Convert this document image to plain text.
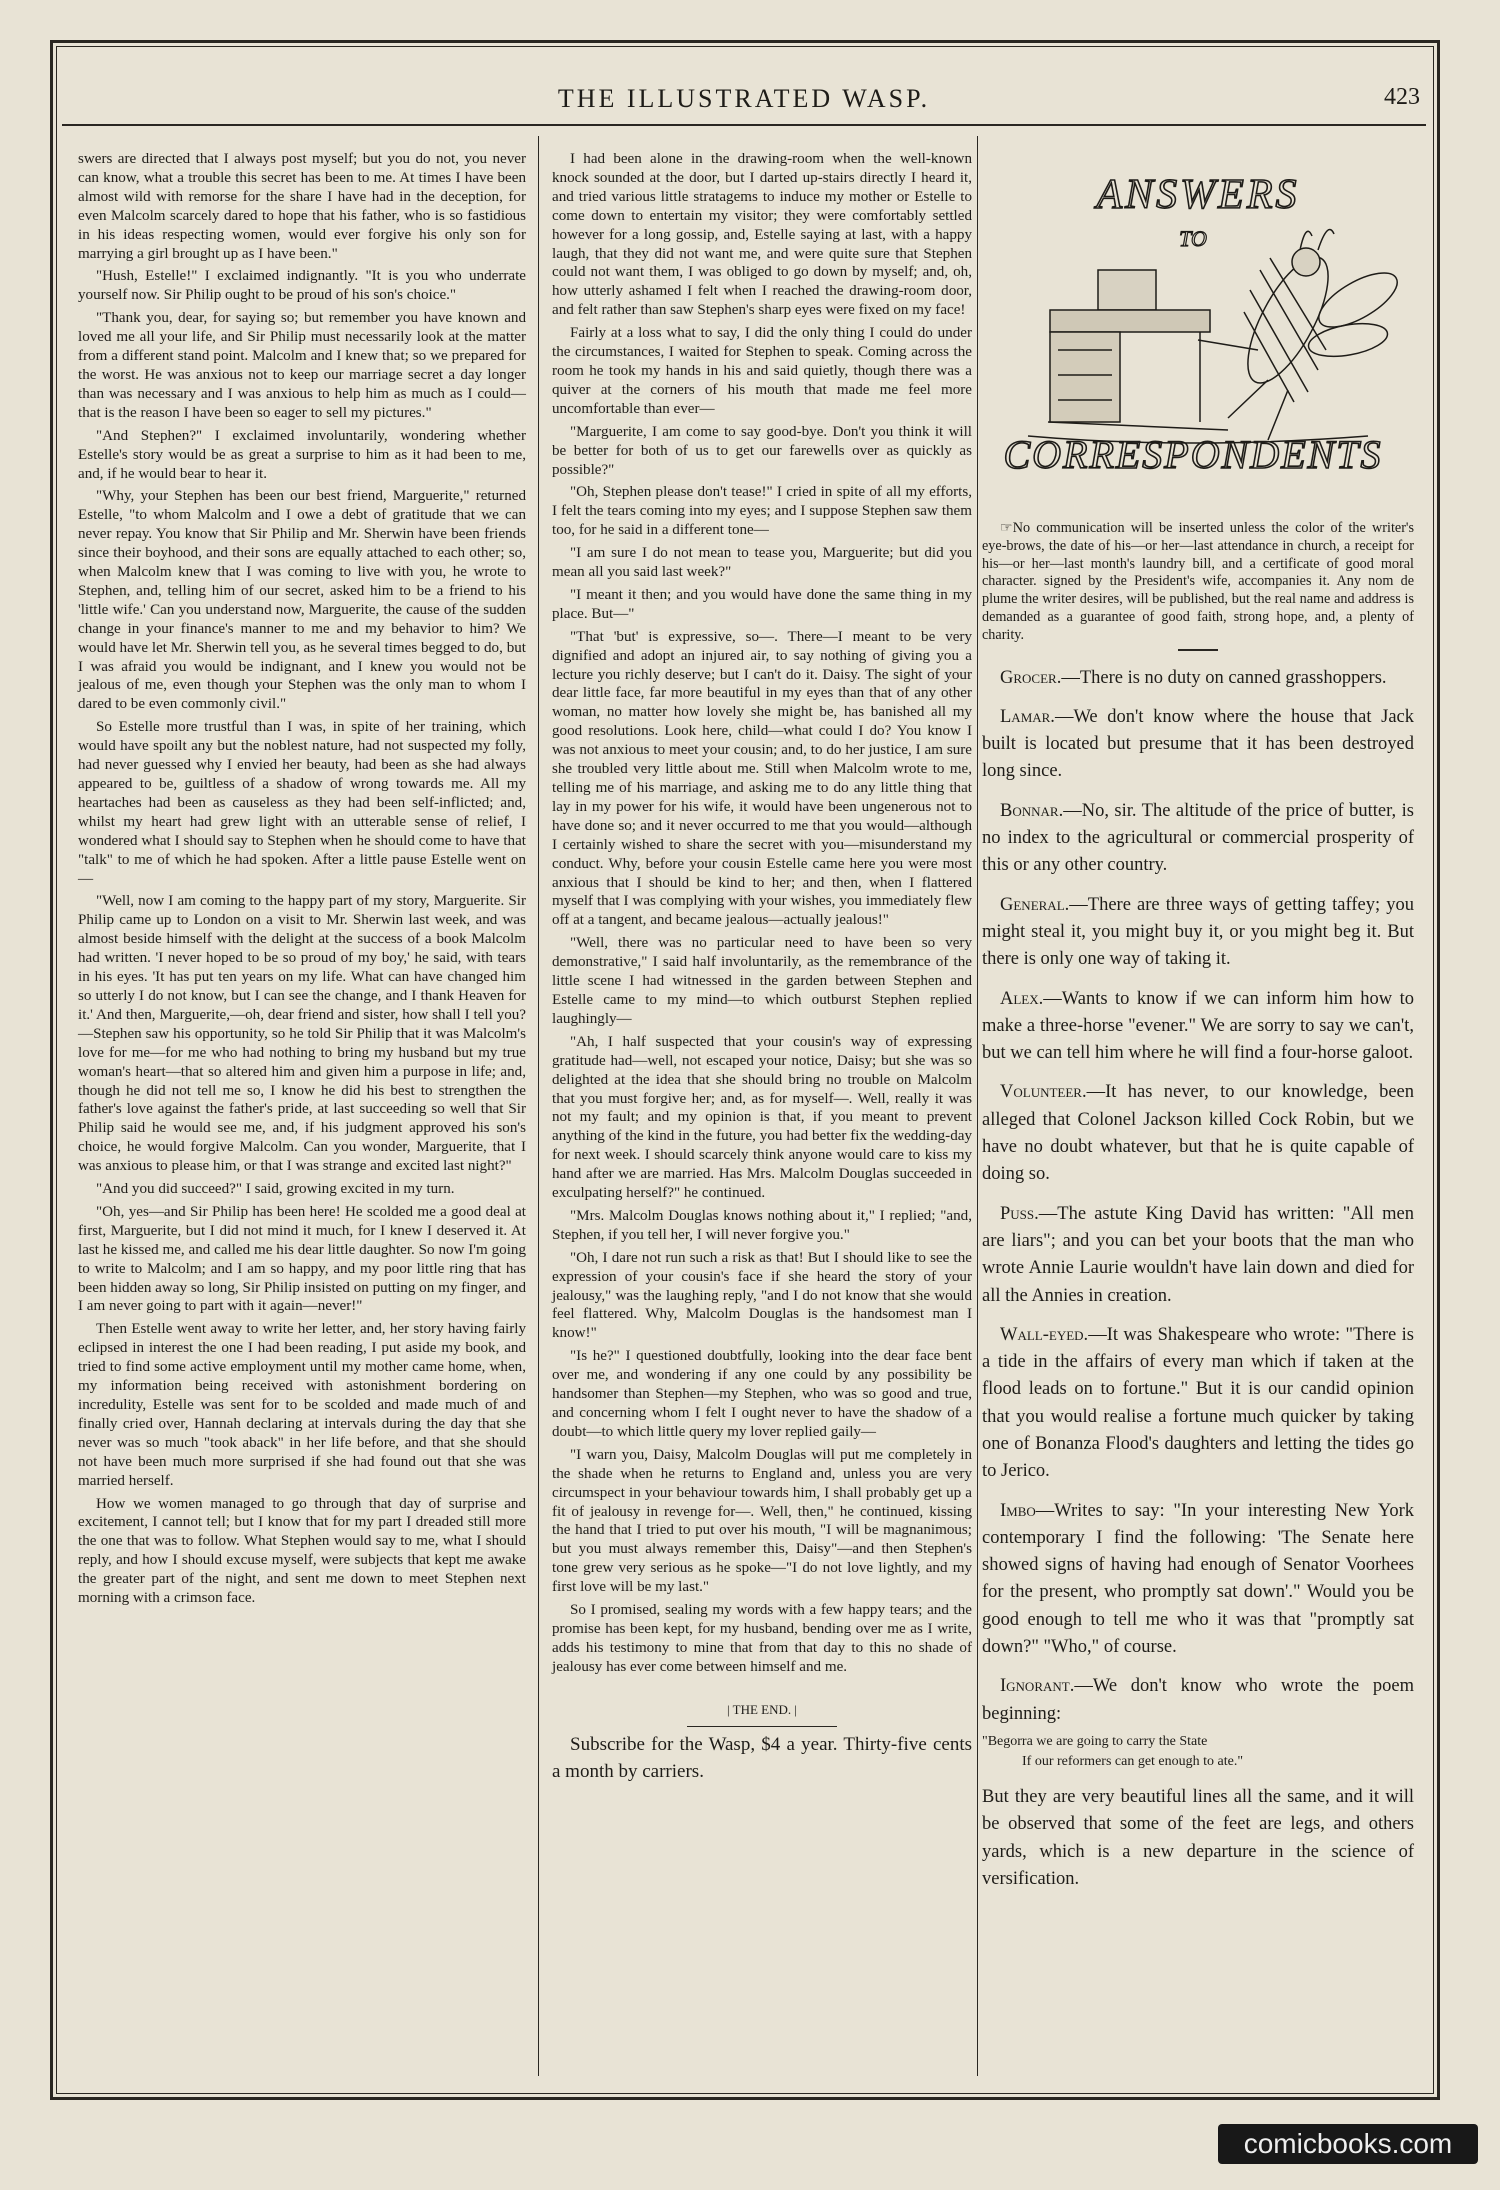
THE ILLUSTRATED WASP.	423

swers are directed that I always post myself; but you do not, you never can know, what a trouble this secret has been to me. At times I have been almost wild with remorse for the share I have had in the deception, for even Malcolm scarcely dared to hope that his father, who is so fastidious in his ideas respecting women, would ever forgive his only son for marrying a girl brought up as I have been."

"Hush, Estelle!" I exclaimed indignantly. "It is you who underrate yourself now. Sir Philip ought to be proud of his son's choice."

"Thank you, dear, for saying so; but remember you have known and loved me all your life, and Sir Philip must necessarily look at the matter from a different stand point. Malcolm and I knew that; so we prepared for the worst. He was anxious not to keep our marriage secret a day longer than was necessary and I was anxious to help him as much as I could—that is the reason I have been so eager to sell my pictures."

"And Stephen?" I exclaimed involuntarily, wondering whether Estelle's story would be as great a surprise to him as it had been to me, and, if he would bear to hear it.

"Why, your Stephen has been our best friend, Marguerite," returned Estelle, "to whom Malcolm and I owe a debt of gratitude that we can never repay. You know that Sir Philip and Mr. Sherwin have been friends since their boyhood, and their sons are equally attached to each other; so, when Malcolm knew that I was coming to live with you, he wrote to Stephen, and, telling him of our secret, asked him to be a friend to his 'little wife.' Can you understand now, Marguerite, the cause of the sudden change in your finance's manner to me and my behavior to him? We would have let Mr. Sherwin tell you, as he several times begged to do, but I was afraid you would be indignant, and I knew you would not be jealous of me, even though your Stephen was the only man to whom I dared to be even commonly civil."

So Estelle more trustful than I was, in spite of her training, which would have spoilt any but the noblest nature, had not suspected my folly, had never guessed why I envied her beauty, had been as she had always appeared to be, guiltless of a shadow of wrong towards me. All my heartaches had been as causeless as they had been self-inflicted; and, whilst my heart had grew light with an utterable sense of relief, I wondered what I should say to Stephen when he should come to have that "talk" to me of which he had spoken. After a little pause Estelle went on—

"Well, now I am coming to the happy part of my story, Marguerite. Sir Philip came up to London on a visit to Mr. Sherwin last week, and was almost beside himself with the delight at the success of a book Malcolm had written. 'I never hoped to be so proud of my boy,' he said, with tears in his eyes. 'It has put ten years on my life. What can have changed him so utterly I do not know, but I can see the change, and I thank Heaven for it.' And then, Marguerite,—oh, dear friend and sister, how shall I tell you?—Stephen saw his opportunity, so he told Sir Philip that it was Malcolm's love for me—for me who had nothing to bring my husband but my true woman's heart—that so altered him and given him a purpose in life; and, though he did not tell me so, I know he did his best to strengthen the father's love against the father's pride, at last succeeding so well that Sir Philip said he would see me, and, if his judgment approved his son's choice, he would forgive Malcolm. Can you wonder, Marguerite, that I was anxious to please him, or that I was strange and excited last night?"

"And you did succeed?" I said, growing excited in my turn.

"Oh, yes—and Sir Philip has been here! He scolded me a good deal at first, Marguerite, but I did not mind it much, for I knew I deserved it. At last he kissed me, and called me his dear little daughter. So now I'm going to write to Malcolm; and I am so happy, and my poor little ring that has been hidden away so long, Sir Philip insisted on putting on my finger, and I am never going to part with it again—never!"

Then Estelle went away to write her letter, and, her story having fairly eclipsed in interest the one I had been reading, I put aside my book, and tried to find some active employment until my mother came home, when, my information being received with astonishment bordering on incredulity, Estelle was sent for to be scolded and made much of and finally cried over, Hannah declaring at intervals during the day that she never was so much "took aback" in her life before, and that she should not have been much more surprised if she had found out that she was married herself.

How we women managed to go through that day of surprise and excitement, I cannot tell; but I know that for my part I dreaded still more the one that was to follow. What Stephen would say to me, what I should reply, and how I should excuse myself, were subjects that kept me awake the greater part of the night, and sent me down to meet Stephen next morning with a crimson face.

I had been alone in the drawing-room when the well-known knock sounded at the door, but I darted up-stairs directly I heard it, and tried various little stratagems to induce my mother or Estelle to come down to entertain my visitor; they were comfortably settled however for a long gossip, and, Estelle saying at last, with a happy laugh, that they did not want me, and were quite sure that Stephen could not want them, I was obliged to go down by myself; and, oh, how utterly ashamed I felt when I reached the drawing-room door, and felt rather than saw Stephen's sharp eyes were fixed on my face!

Fairly at a loss what to say, I did the only thing I could do under the circumstances, I waited for Stephen to speak. Coming across the room he took my hands in his and said quietly, though there was a quiver at the corners of his mouth that made me feel more uncomfortable than ever—

"Marguerite, I am come to say good-bye. Don't you think it will be better for both of us to get our farewells over as quickly as possible?"

"Oh, Stephen please don't tease!" I cried in spite of all my efforts, I felt the tears coming into my eyes; and I suppose Stephen saw them too, for he said in a different tone—

"I am sure I do not mean to tease you, Marguerite; but did you mean all you said last week?"

"I meant it then; and you would have done the same thing in my place. But—"

"That 'but' is expressive, so—. There—I meant to be very dignified and adopt an injured air, to say nothing of giving you a lecture you richly deserve; but I can't do it. Daisy. The sight of your dear little face, far more beautiful in my eyes than that of any other woman, no matter how lovely she might be, has banished all my good resolutions. Look here, child—what could I do? You know I was not anxious to meet your cousin; and, to do her justice, I am sure she troubled very little about me. Still when Malcolm wrote to me, telling me of his marriage, and asking me to do any little thing that lay in my power for his wife, it would have been ungenerous not to have done so; and it never occurred to me that you would—although I certainly wished to share the secret with you—misunderstand my conduct. Why, before your cousin Estelle came here you were most anxious that I should be kind to her; and then, when I flattered myself that I was complying with your wishes, you immediately flew off at a tangent, and became jealous—actually jealous!"

"Well, there was no particular need to have been so very demonstrative," I said half involuntarily, as the remembrance of the little scene I had witnessed in the garden between Stephen and Estelle came to my mind—to which outburst Stephen replied laughingly—

"Ah, I half suspected that your cousin's way of expressing gratitude had—well, not escaped your notice, Daisy; but she was so delighted at the idea that she should bring no trouble on Malcolm that you must forgive her; and, as for myself—. Well, really it was not my fault; and my opinion is that, if you meant to prevent anything of the kind in the future, you had better fix the wedding-day for next week. I should scarcely think anyone would care to kiss my hand after we are married. Has Mrs. Malcolm Douglas succeeded in exculpating herself?" he continued.

"Mrs. Malcolm Douglas knows nothing about it," I replied; "and, Stephen, if you tell her, I will never forgive you."

"Oh, I dare not run such a risk as that! But I should like to see the expression of your cousin's face if she heard the story of your jealousy," was the laughing reply, "and I do not know that she would feel flattered. Why, Malcolm Douglas is the handsomest man I know!"

"Is he?" I questioned doubtfully, looking into the dear face bent over me, and wondering if any one could by any possibility be handsomer than Stephen—my Stephen, who was so good and true, and concerning whom I felt I ought never to have the shadow of a doubt—to which little query my lover replied gaily—

"I warn you, Daisy, Malcolm Douglas will put me completely in the shade when he returns to England and, unless you are very circumspect in your behaviour towards him, I shall probably get up a fit of jealousy in revenge for—. Well, then," he continued, kissing the hand that I tried to put over his mouth, "I will be magnanimous; but you must always remember this, Daisy"—and then Stephen's tone grew very serious as he spoke—"I do not love lightly, and my first love will be my last."

So I promised, sealing my words with a few happy tears; and the promise has been kept, for my husband, bending over me as I write, adds his testimony to mine that from that day to this no shade of jealousy has ever come between himself and me.

| THE END. |

Subscribe for the Wasp, $4 a year. Thirty-five cents a month by carriers.

ANSWERS
TO
CORRESPONDENTS

☞No communication will be inserted unless the color of the writer's eye-brows, the date of his—or her—last attendance in church, a receipt for his—or her—last month's laundry bill, and a certificate of good moral character. signed by the President's wife, accompanies it. Any nom de plume the writer desires, will be published, but the real name and address is demanded as a guarantee of good faith, strong hope, and, a plenty of charity.

Grocer.—There is no duty on canned grasshoppers.

Lamar.—We don't know where the house that Jack built is located but presume that it has been destroyed long since.

Bonnar.—No, sir. The altitude of the price of butter, is no index to the agricultural or commercial prosperity of this or any other country.

General.—There are three ways of getting taffey; you might steal it, you might buy it, or you might beg it. But there is only one way of taking it.

Alex.—Wants to know if we can inform him how to make a three-horse "evener." We are sorry to say we can't, but we can tell him where he will find a four-horse galoot.

Volunteer.—It has never, to our knowledge, been alleged that Colonel Jackson killed Cock Robin, but we have no doubt whatever, but that he is quite capable of doing so.

Puss.—The astute King David has written: "All men are liars"; and you can bet your boots that the man who wrote Annie Laurie wouldn't have lain down and died for all the Annies in creation.

Wall-eyed.—It was Shakespeare who wrote: "There is a tide in the affairs of every man which if taken at the flood leads on to fortune." But it is our candid opinion that you would realise a fortune much quicker by taking one of Bonanza Flood's daughters and letting the tides go to Jerico.

Imbo—Writes to say: "In your interesting New York contemporary I find the following: 'The Senate here showed signs of having had enough of Senator Voorhees for the present, who promptly sat down'." Would you be good enough to tell me who it was that "promptly sat down?" "Who," of course.

Ignorant.—We don't know who wrote the poem beginning:

"Begorra we are going to carry the State

If our reformers can get enough to ate."

But they are very beautiful lines all the same, and it will be observed that some of the feet are legs, and others yards, which is a new departure in the science of versification.

comicbooks.com
